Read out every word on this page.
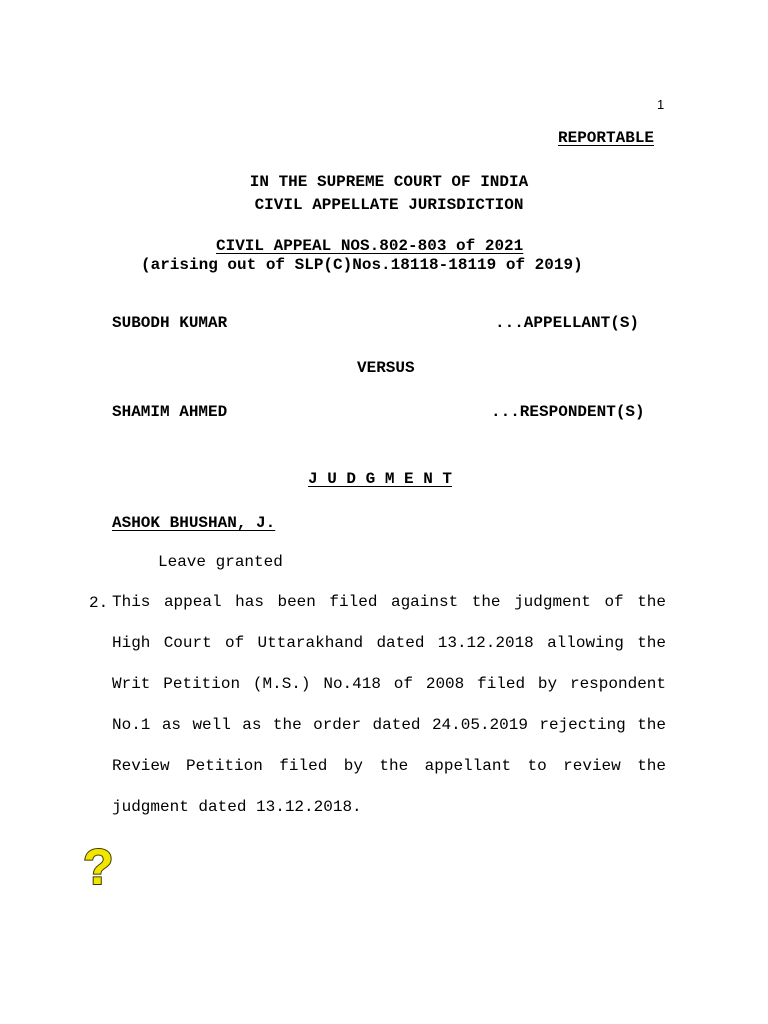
1
REPORTABLE
IN THE SUPREME COURT OF INDIA
CIVIL APPELLATE JURISDICTION
CIVIL APPEAL NOS.802-803 of 2021
(arising out of SLP(C)Nos.18118-18119 of 2019)
SUBODH KUMAR	...APPELLANT(S)
VERSUS
SHAMIM AHMED	...RESPONDENT(S)
J U D G M E N T
ASHOK BHUSHAN, J.
Leave granted
2. This appeal has been filed against the judgment of the High Court of Uttarakhand dated 13.12.2018 allowing the Writ Petition (M.S.) No.418 of 2008 filed by respondent No.1 as well as the order dated 24.05.2019 rejecting the Review Petition filed by the appellant to review the judgment dated 13.12.2018.
?
